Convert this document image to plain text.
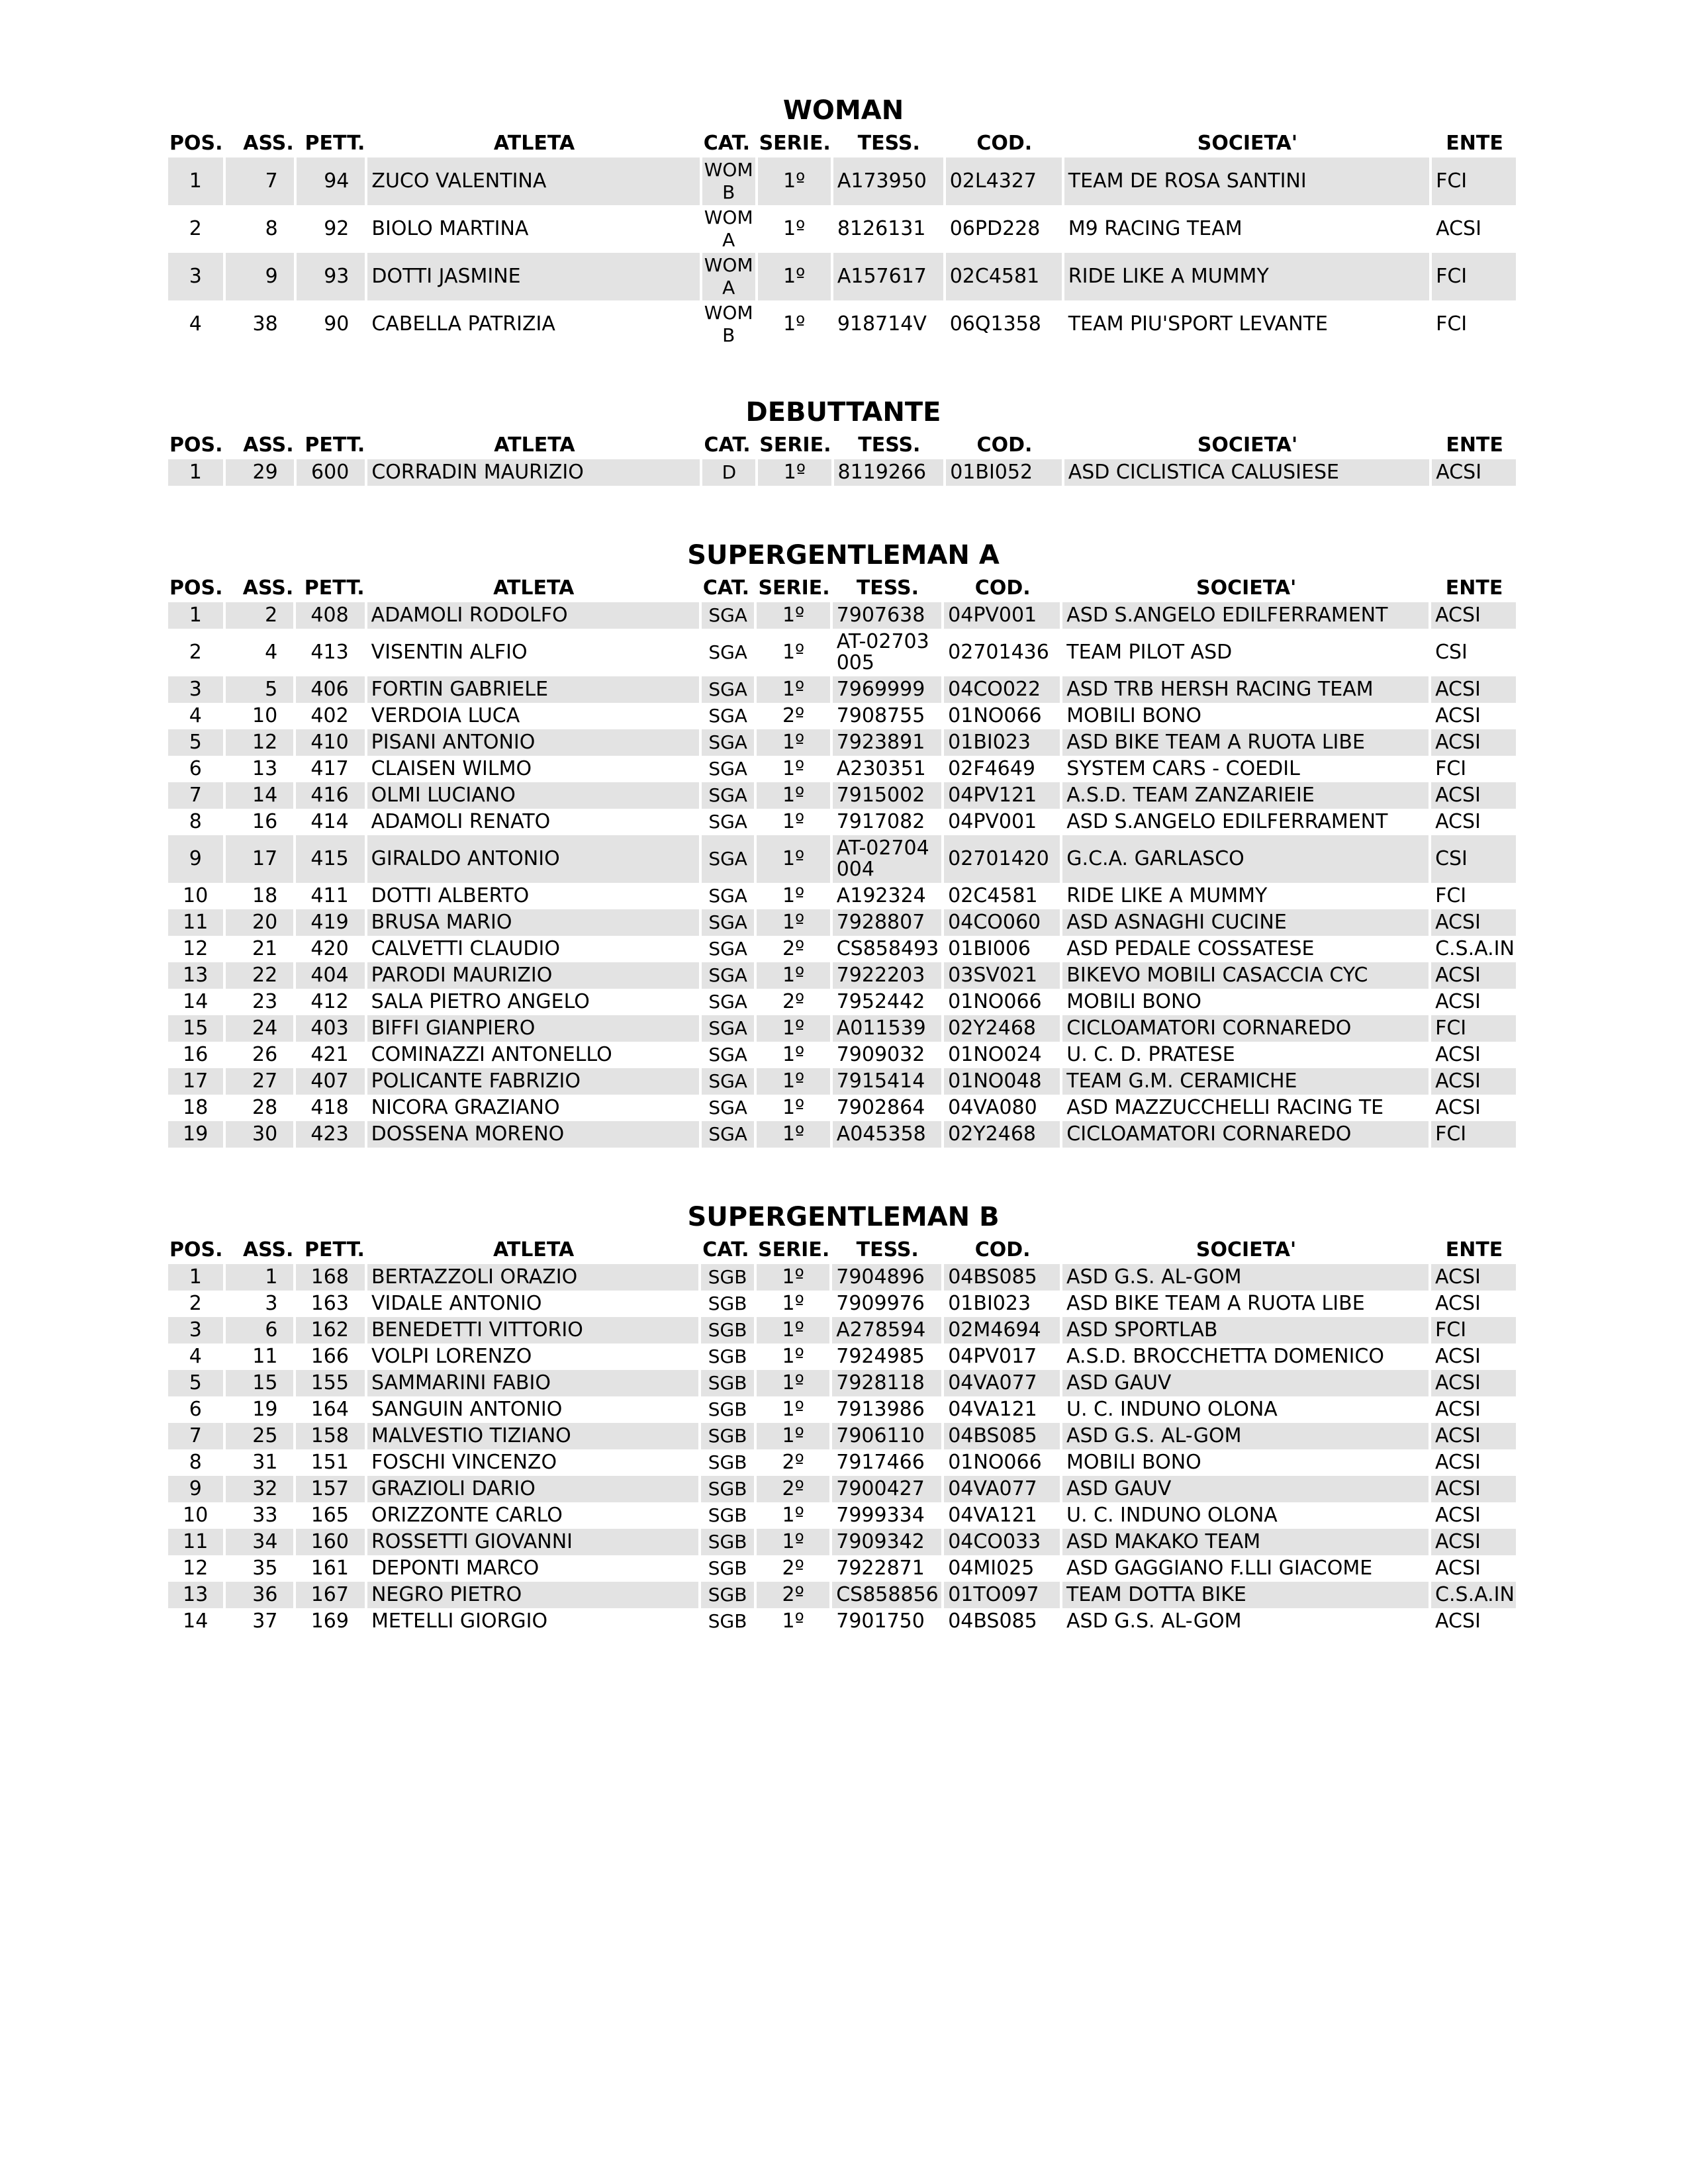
WOMAN
POS.	ASS.	PETT.	ATLETA	CAT.	SERIE.	TESS.	COD.	SOCIETA'	ENTE
1	7	94	ZUCO VALENTINA	WOM B	1º	A173950	02L4327	TEAM DE ROSA SANTINI	FCI
2	8	92	BIOLO MARTINA	WOM A	1º	8126131	06PD228	M9 RACING TEAM	ACSI
3	9	93	DOTTI JASMINE	WOM A	1º	A157617	02C4581	RIDE LIKE A MUMMY	FCI
4	38	90	CABELLA PATRIZIA	WOM B	1º	918714V	06Q1358	TEAM PIU'SPORT LEVANTE	FCI
DEBUTTANTE
POS.	ASS.	PETT.	ATLETA	CAT.	SERIE.	TESS.	COD.	SOCIETA'	ENTE
1	29	600	CORRADIN MAURIZIO	D	1º	8119266	01BI052	ASD CICLISTICA CALUSIESE	ACSI
SUPERGENTLEMAN A
POS.	ASS.	PETT.	ATLETA	CAT.	SERIE.	TESS.	COD.	SOCIETA'	ENTE
1	2	408	ADAMOLI RODOLFO	SGA	1º	7907638	04PV001	ASD S.ANGELO EDILFERRAMENT	ACSI
2	4	413	VISENTIN ALFIO	SGA	1º	AT-02703005	02701436	TEAM PILOT ASD	CSI
3	5	406	FORTIN GABRIELE	SGA	1º	7969999	04CO022	ASD TRB HERSH RACING TEAM	ACSI
4	10	402	VERDOIA LUCA	SGA	2º	7908755	01NO066	MOBILI BONO	ACSI
5	12	410	PISANI ANTONIO	SGA	1º	7923891	01BI023	ASD BIKE TEAM A RUOTA LIBE	ACSI
6	13	417	CLAISEN WILMO	SGA	1º	A230351	02F4649	SYSTEM CARS - COEDIL	FCI
7	14	416	OLMI LUCIANO	SGA	1º	7915002	04PV121	A.S.D. TEAM ZANZARIEIE	ACSI
8	16	414	ADAMOLI RENATO	SGA	1º	7917082	04PV001	ASD S.ANGELO EDILFERRAMENT	ACSI
9	17	415	GIRALDO ANTONIO	SGA	1º	AT-02704004	02701420	G.C.A. GARLASCO	CSI
10	18	411	DOTTI ALBERTO	SGA	1º	A192324	02C4581	RIDE LIKE A MUMMY	FCI
11	20	419	BRUSA MARIO	SGA	1º	7928807	04CO060	ASD ASNAGHI CUCINE	ACSI
12	21	420	CALVETTI CLAUDIO	SGA	2º	CS858493	01BI006	ASD PEDALE COSSATESE	C.S.A.IN
13	22	404	PARODI MAURIZIO	SGA	1º	7922203	03SV021	BIKEVO MOBILI CASACCIA CYC	ACSI
14	23	412	SALA PIETRO ANGELO	SGA	2º	7952442	01NO066	MOBILI BONO	ACSI
15	24	403	BIFFI GIANPIERO	SGA	1º	A011539	02Y2468	CICLOAMATORI CORNAREDO	FCI
16	26	421	COMINAZZI ANTONELLO	SGA	1º	7909032	01NO024	U. C. D. PRATESE	ACSI
17	27	407	POLICANTE FABRIZIO	SGA	1º	7915414	01NO048	TEAM G.M. CERAMICHE	ACSI
18	28	418	NICORA GRAZIANO	SGA	1º	7902864	04VA080	ASD MAZZUCCHELLI RACING TE	ACSI
19	30	423	DOSSENA MORENO	SGA	1º	A045358	02Y2468	CICLOAMATORI CORNAREDO	FCI
SUPERGENTLEMAN B
POS.	ASS.	PETT.	ATLETA	CAT.	SERIE.	TESS.	COD.	SOCIETA'	ENTE
1	1	168	BERTAZZOLI ORAZIO	SGB	1º	7904896	04BS085	ASD G.S. AL-GOM	ACSI
2	3	163	VIDALE ANTONIO	SGB	1º	7909976	01BI023	ASD BIKE TEAM A RUOTA LIBE	ACSI
3	6	162	BENEDETTI VITTORIO	SGB	1º	A278594	02M4694	ASD SPORTLAB	FCI
4	11	166	VOLPI LORENZO	SGB	1º	7924985	04PV017	A.S.D. BROCCHETTA DOMENICO	ACSI
5	15	155	SAMMARINI FABIO	SGB	1º	7928118	04VA077	ASD GAUV	ACSI
6	19	164	SANGUIN ANTONIO	SGB	1º	7913986	04VA121	U. C. INDUNO OLONA	ACSI
7	25	158	MALVESTIO TIZIANO	SGB	1º	7906110	04BS085	ASD G.S. AL-GOM	ACSI
8	31	151	FOSCHI VINCENZO	SGB	2º	7917466	01NO066	MOBILI BONO	ACSI
9	32	157	GRAZIOLI DARIO	SGB	2º	7900427	04VA077	ASD GAUV	ACSI
10	33	165	ORIZZONTE CARLO	SGB	1º	7999334	04VA121	U. C. INDUNO OLONA	ACSI
11	34	160	ROSSETTI GIOVANNI	SGB	1º	7909342	04CO033	ASD MAKAKO TEAM	ACSI
12	35	161	DEPONTI MARCO	SGB	2º	7922871	04MI025	ASD GAGGIANO F.LLI GIACOME	ACSI
13	36	167	NEGRO PIETRO	SGB	2º	CS858856	01TO097	TEAM DOTTA BIKE	C.S.A.IN
14	37	169	METELLI GIORGIO	SGB	1º	7901750	04BS085	ASD G.S. AL-GOM	ACSI
